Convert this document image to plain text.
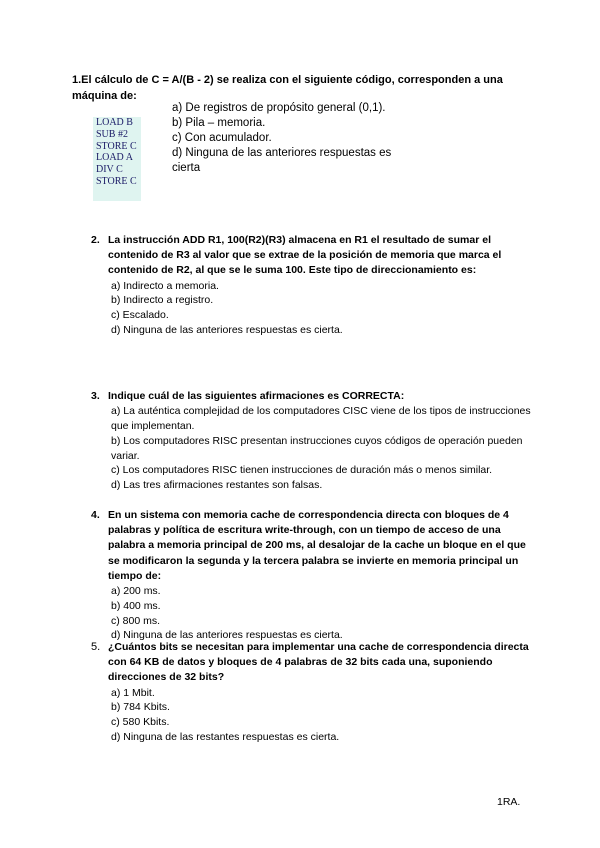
1.El cálculo de C = A/(B - 2) se realiza con el siguiente código, corresponden a una máquina de:
LOAD B
SUB #2
STORE C
LOAD A
DIV C
STORE C
a) De registros de propósito general (0,1).
b) Pila – memoria.
c) Con acumulador.
d) Ninguna de las anteriores respuestas es cierta
2. La instrucción ADD R1, 100(R2)(R3) almacena en R1 el resultado de sumar el contenido de R3 al valor que se extrae de la posición de memoria que marca el contenido de R2, al que se le suma 100. Este tipo de direccionamiento es:
a) Indirecto a memoria.
b) Indirecto a registro.
c) Escalado.
d) Ninguna de las anteriores respuestas es cierta.
3. Indique cuál de las siguientes afirmaciones es CORRECTA:
a) La auténtica complejidad de los computadores CISC viene de los tipos de instrucciones que implementan.
b) Los computadores RISC presentan instrucciones cuyos códigos de operación pueden variar.
c) Los computadores RISC tienen instrucciones de duración más o menos similar.
d) Las tres afirmaciones restantes son falsas.
4. En un sistema con memoria cache de correspondencia directa con bloques de 4 palabras y política de escritura write-through, con un tiempo de acceso de una palabra a memoria principal de 200 ms, al desalojar de la cache un bloque en el que se modificaron la segunda y la tercera palabra se invierte en memoria principal un tiempo de:
a) 200 ms.
b) 400 ms.
c) 800 ms.
d) Ninguna de las anteriores respuestas es cierta.
5. ¿Cuántos bits se necesitan para implementar una cache de correspondencia directa con 64 KB de datos y bloques de 4 palabras de 32 bits cada una, suponiendo direcciones de 32 bits?
a) 1 Mbit.
b) 784 Kbits.
c) 580 Kbits.
d) Ninguna de las restantes respuestas es cierta.
1RA.
